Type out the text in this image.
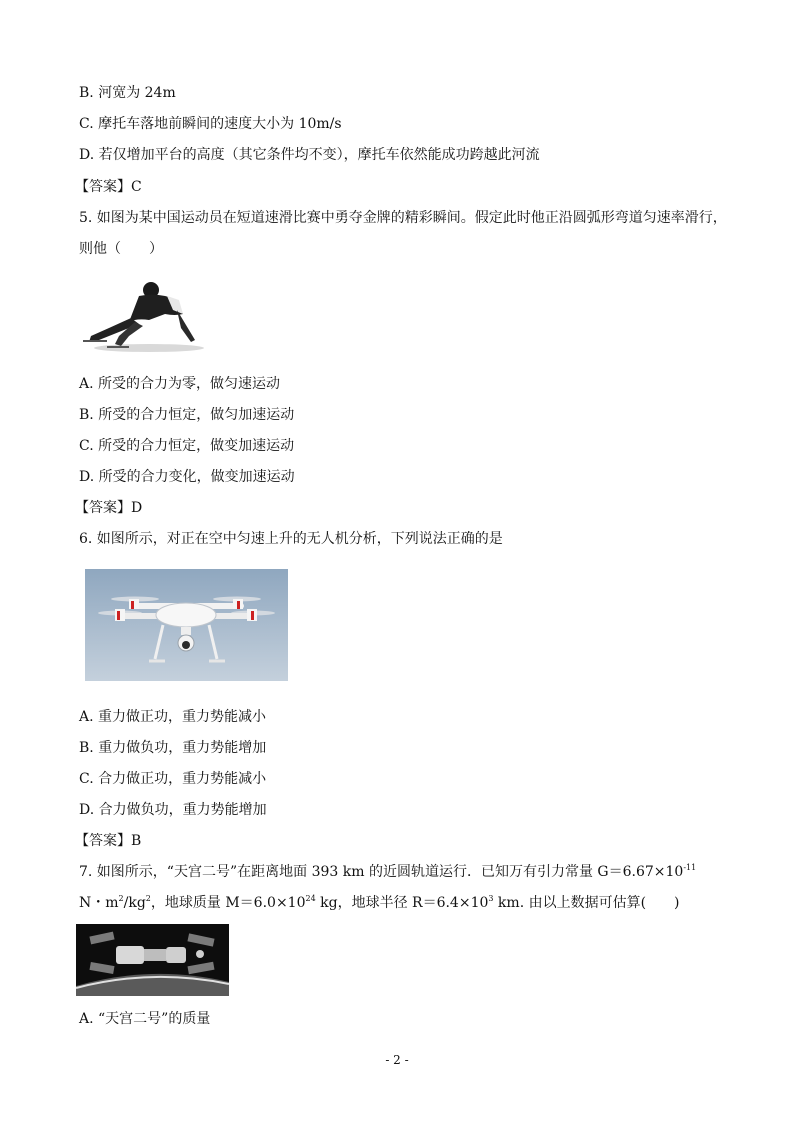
B. 河宽为 24m
C. 摩托车落地前瞬间的速度大小为 10m/s
D. 若仅增加平台的高度（其它条件均不变），摩托车依然能成功跨越此河流
【答案】C
5. 如图为某中国运动员在短道速滑比赛中勇夺金牌的精彩瞬间。假定此时他正沿圆弧形弯道匀速率滑行，
则他（　　）
A. 所受的合力为零，做匀速运动
B. 所受的合力恒定，做匀加速运动
C. 所受的合力恒定，做变加速运动
D. 所受的合力变化，做变加速运动
【答案】D
6. 如图所示，对正在空中匀速上升的无人机分析，下列说法正确的是
A. 重力做正功，重力势能减小
B. 重力做负功，重力势能增加
C. 合力做正功，重力势能减小
D. 合力做负功，重力势能增加
【答案】B
7. 如图所示，“天宫二号”在距离地面 393 km 的近圆轨道运行．已知万有引力常量 $G=6.67\times 10^{-11}$
N・$m^2/kg^2$，地球质量 $M=6.0\times 10^{24}$ kg，地球半径 $R=6.4\times 10^3$ km. 由以上数据可估算(　　)
A. “天宫二号”的质量
- 2 -
